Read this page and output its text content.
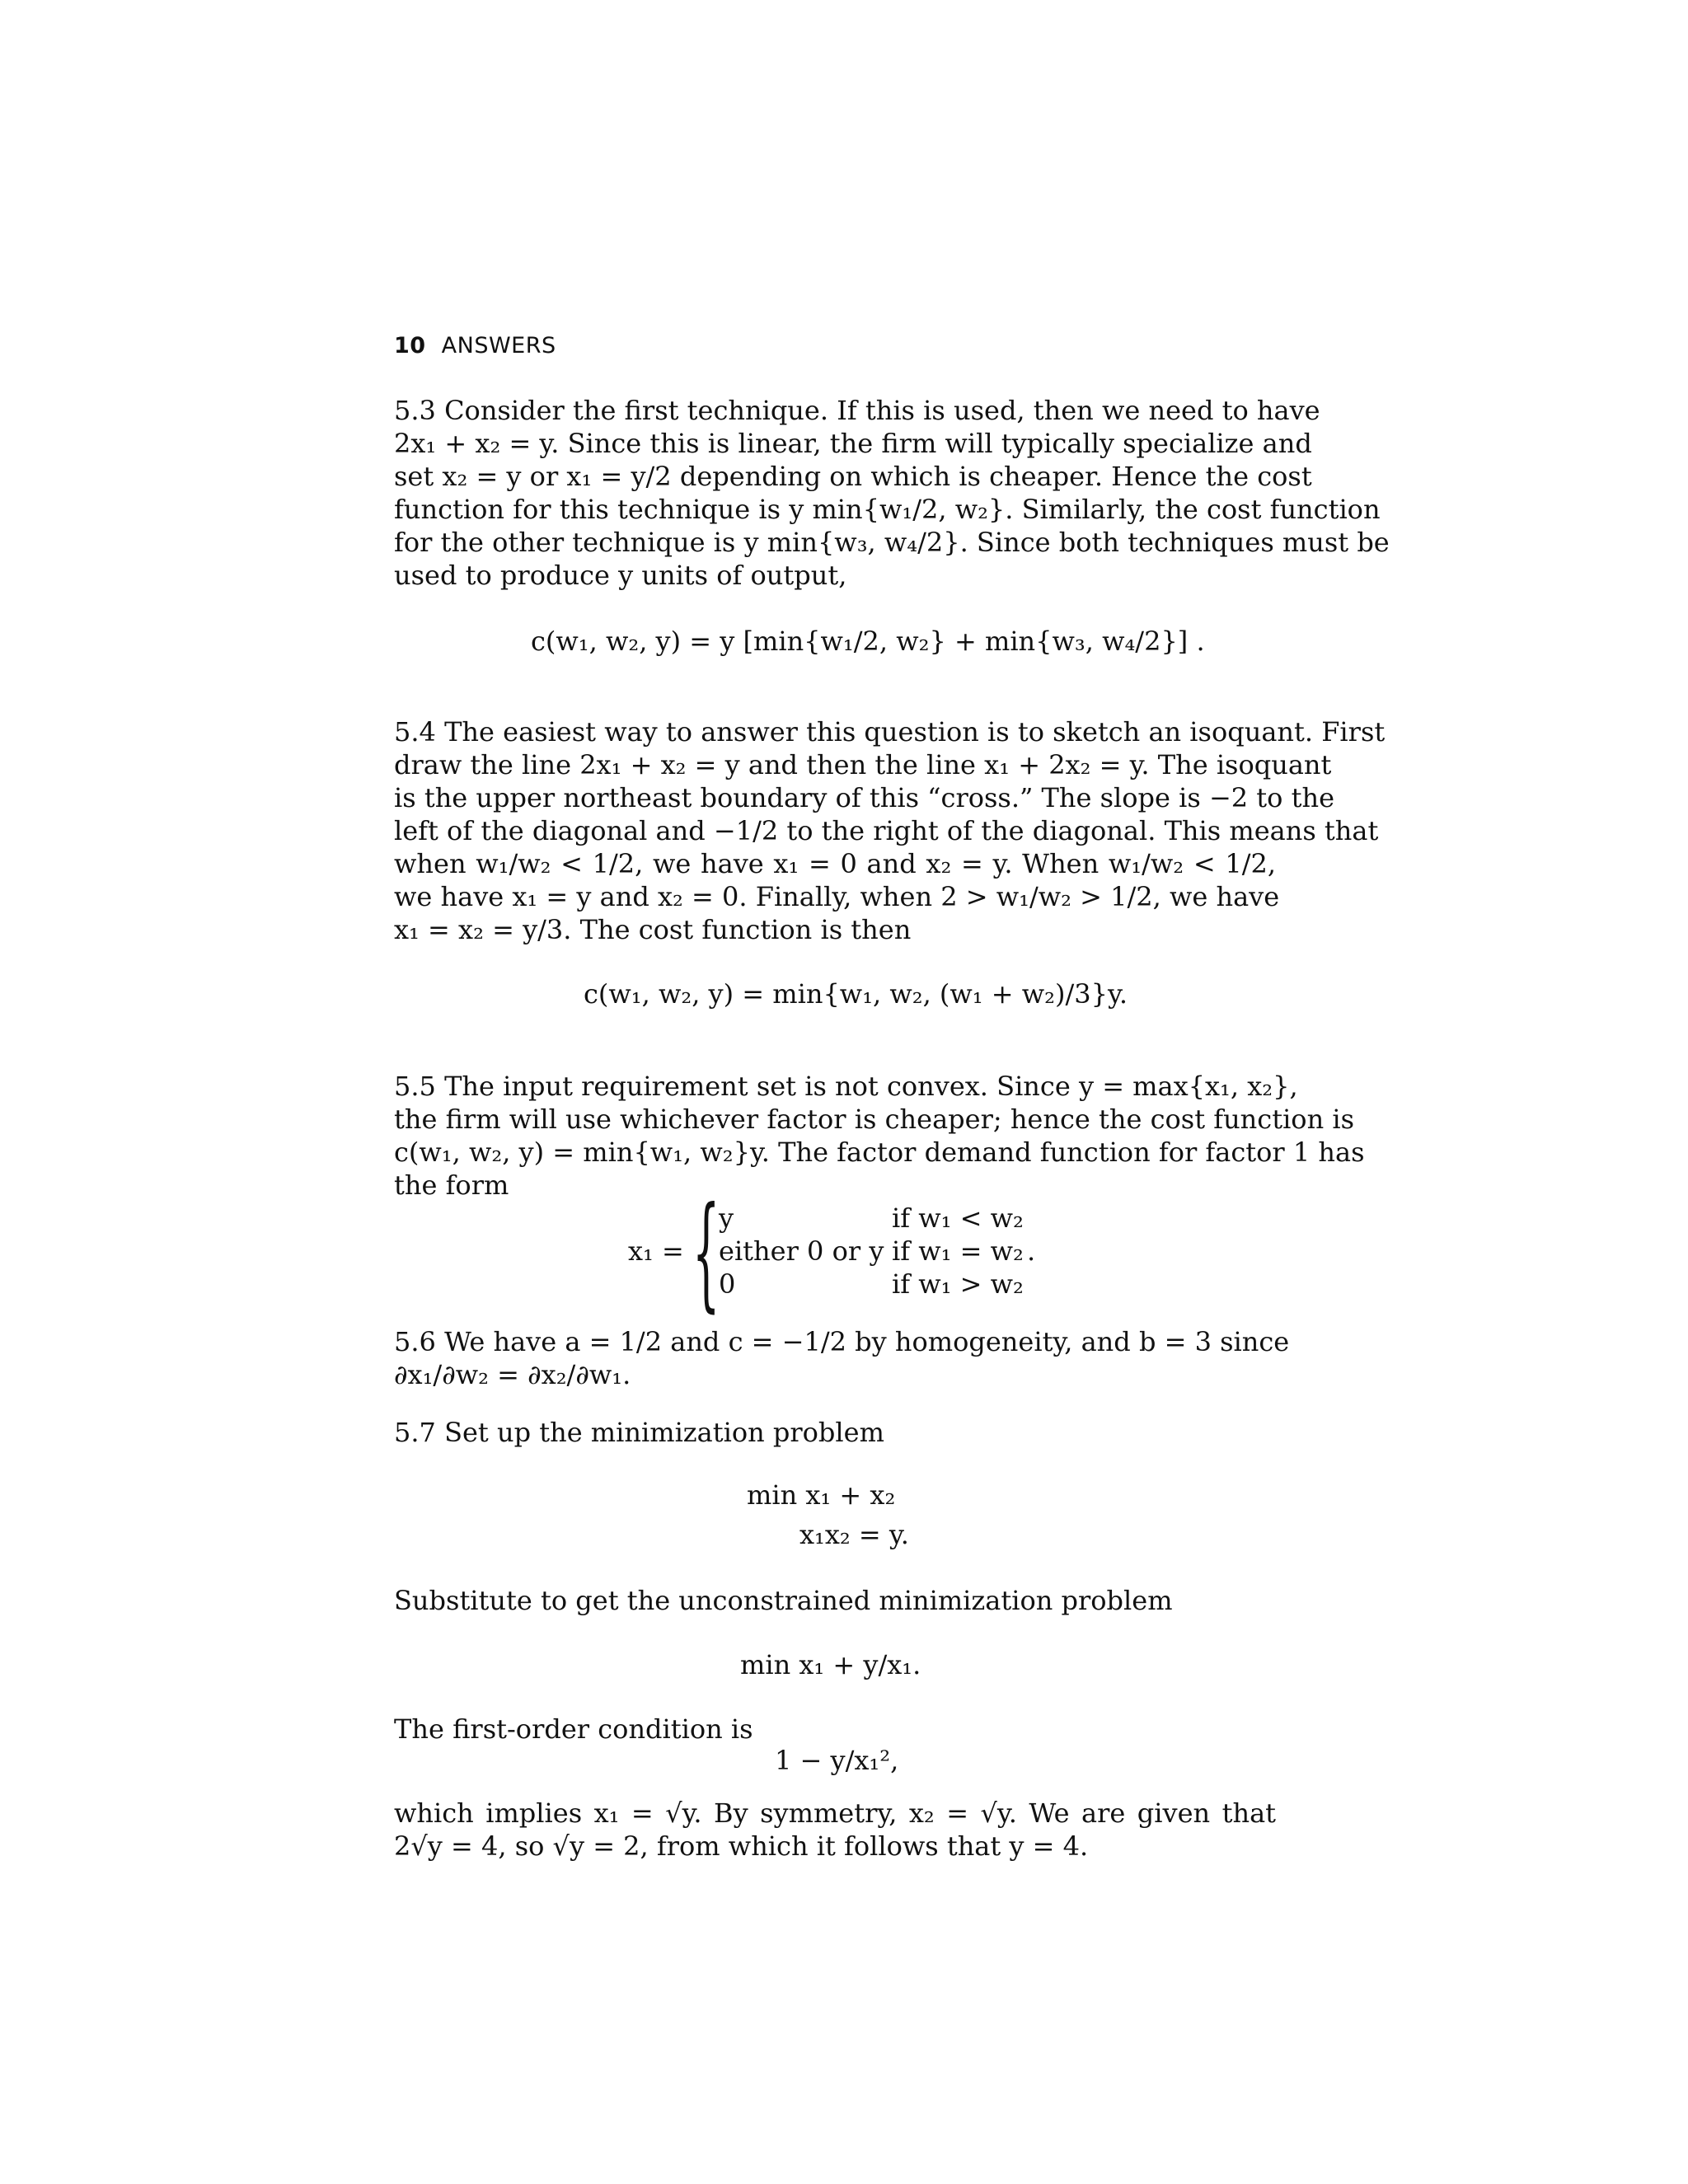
10 ANSWERS
5.3 Consider the first technique. If this is used, then we need to have
2x₁ + x₂ = y. Since this is linear, the firm will typically specialize and
set x₂ = y or x₁ = y/2 depending on which is cheaper. Hence the cost
function for this technique is y min{w₁/2, w₂}. Similarly, the cost function
for the other technique is y min{w₃, w₄/2}. Since both techniques must be
used to produce y units of output,
c(w₁, w₂, y) = y [min{w₁/2, w₂} + min{w₃, w₄/2}] .
5.4 The easiest way to answer this question is to sketch an isoquant. First
draw the line 2x₁ + x₂ = y and then the line x₁ + 2x₂ = y. The isoquant
is the upper northeast boundary of this “cross.” The slope is −2 to the
left of the diagonal and −1/2 to the right of the diagonal. This means that
when w₁/w₂ < 1/2, we have x₁ = 0 and x₂ = y. When w₁/w₂ < 1/2,
we have x₁ = y and x₂ = 0. Finally, when 2 > w₁/w₂ > 1/2, we have
x₁ = x₂ = y/3. The cost function is then
c(w₁, w₂, y) = min{w₁, w₂, (w₁ + w₂)/3}y.
5.5 The input requirement set is not convex. Since y = max{x₁, x₂},
the firm will use whichever factor is cheaper; hence the cost function is
c(w₁, w₂, y) = min{w₁, w₂}y. The factor demand function for factor 1 has
the form
x₁ = {
y
either 0 or y
0
if w₁ < w₂
if w₁ = w₂
if w₁ > w₂
.
5.6 We have a = 1/2 and c = −1/2 by homogeneity, and b = 3 since
∂x₁/∂w₂ = ∂x₂/∂w₁.
5.7 Set up the minimization problem
min x₁ + x₂
x₁x₂ = y.
Substitute to get the unconstrained minimization problem
min x₁ + y/x₁.
The first-order condition is
1 − y/x₁²,
which implies x₁ = √y. By symmetry, x₂ = √y. We are given that
2√y = 4, so √y = 2, from which it follows that y = 4.
